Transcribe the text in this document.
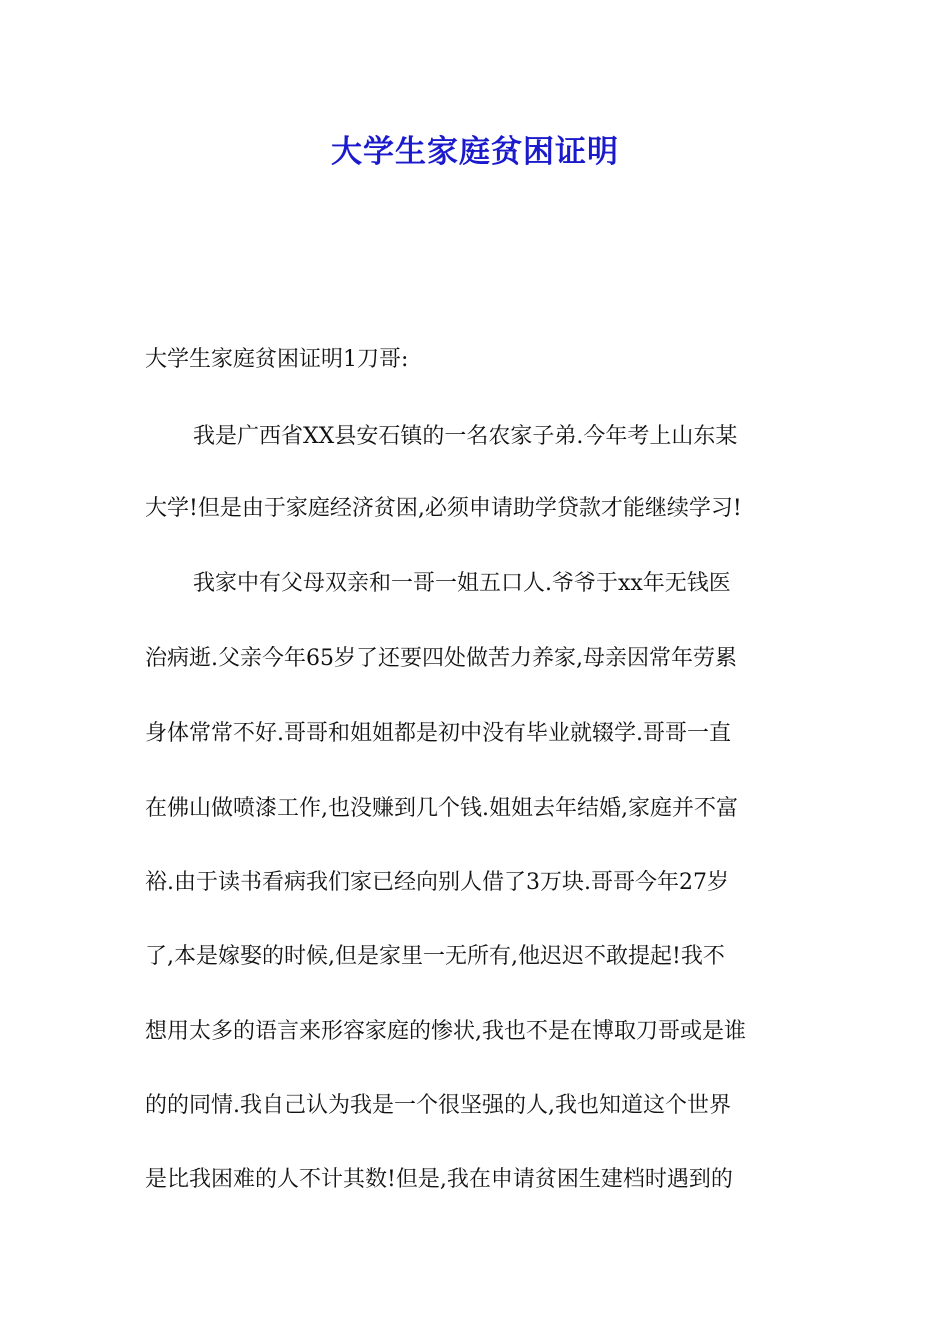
大学生家庭贫困证明

大学生家庭贫困证明1刀哥:

我是广西省XX县安石镇的一名农家子弟.今年考上山东某

大学!但是由于家庭经济贫困,必须申请助学贷款才能继续学习!

我家中有父母双亲和一哥一姐五口人.爷爷于xx年无钱医

治病逝.父亲今年65岁了还要四处做苦力养家,母亲因常年劳累

身体常常不好.哥哥和姐姐都是初中没有毕业就辍学.哥哥一直

在佛山做喷漆工作,也没赚到几个钱.姐姐去年结婚,家庭并不富

裕.由于读书看病我们家已经向别人借了3万块.哥哥今年27岁

了,本是嫁娶的时候,但是家里一无所有,他迟迟不敢提起!我不

想用太多的语言来形容家庭的惨状,我也不是在博取刀哥或是谁

的的同情.我自己认为我是一个很坚强的人,我也知道这个世界

是比我困难的人不计其数!但是,我在申请贫困生建档时遇到的
